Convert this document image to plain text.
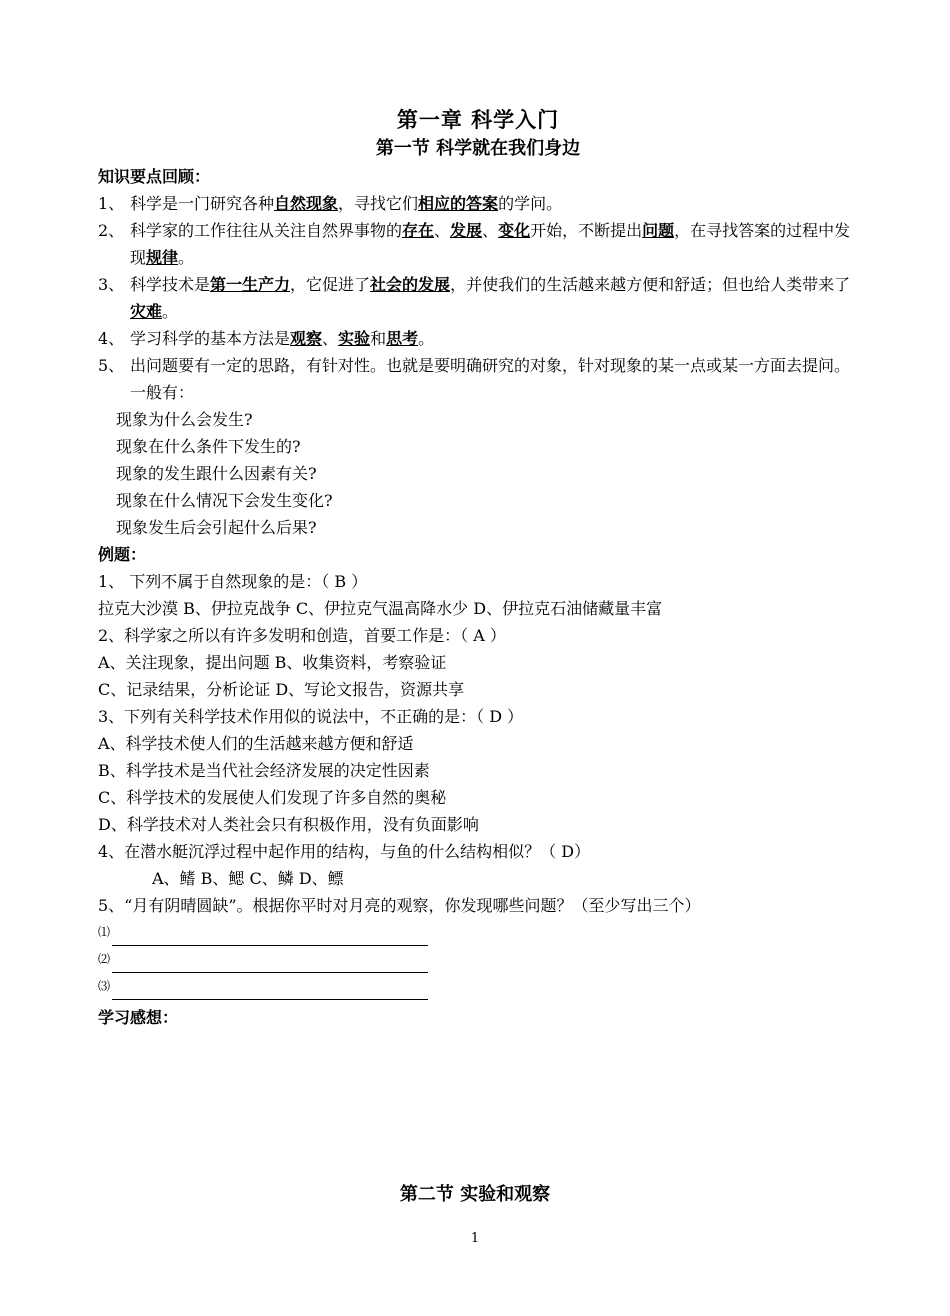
第一章 科学入门
第一节 科学就在我们身边
知识要点回顾：
1、 科学是一门研究各种自然现象，寻找它们相应的答案的学问。
2、 科学家的工作往往从关注自然界事物的存在、发展、变化开始，不断提出问题，在寻找答案的过程中发现规律。
3、 科学技术是第一生产力，它促进了社会的发展，并使我们的生活越来越方便和舒适；但也给人类带来了灾难。
4、 学习科学的基本方法是观察、实验和思考。
5、 出问题要有一定的思路，有针对性。也就是要明确研究的对象，针对现象的某一点或某一方面去提问。一般有：
现象为什么会发生?
现象在什么条件下发生的?
现象的发生跟什么因素有关?
现象在什么情况下会发生变化?
现象发生后会引起什么后果?
例题：
1、 下列不属于自然现象的是：（ B ）
拉克大沙漠 B、伊拉克战争 C、伊拉克气温高降水少 D、伊拉克石油储藏量丰富
2、科学家之所以有许多发明和创造，首要工作是：（ A ）
A、关注现象，提出问题 B、收集资料，考察验证
C、记录结果，分析论证 D、写论文报告，资源共享
3、下列有关科学技术作用似的说法中，不正确的是：（ D ）
A、科学技术使人们的生活越来越方便和舒适
B、科学技术是当代社会经济发展的决定性因素
C、科学技术的发展使人们发现了许多自然的奥秘
D、科学技术对人类社会只有积极作用，没有负面影响
4、在潜水艇沉浮过程中起作用的结构，与鱼的什么结构相似？（ D）
A、鳍 B、鳃 C、鳞 D、鳔
5、“月有阴晴圆缺”。根据你平时对月亮的观察，你发现哪些问题？（至少写出三个）
⑴
⑵
⑶
学习感想：
第二节 实验和观察
1
